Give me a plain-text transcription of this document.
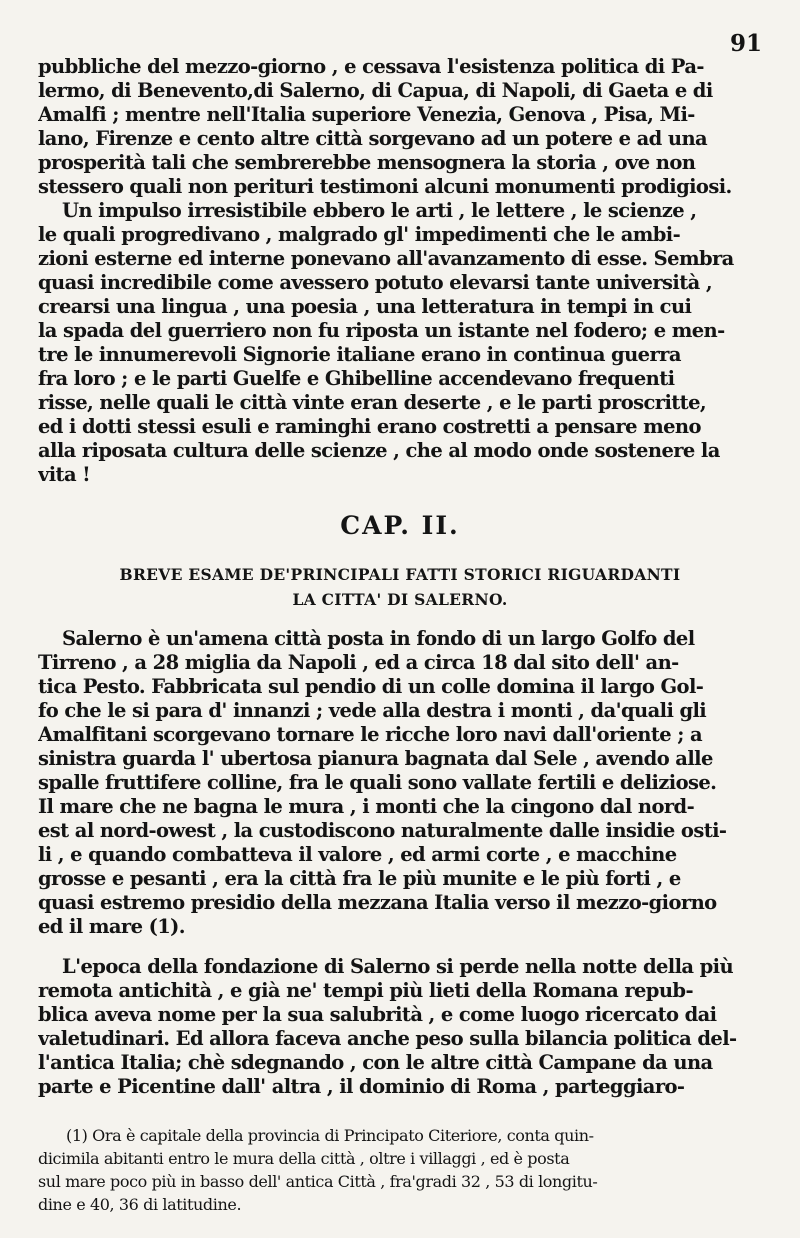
91
pubbliche del mezzo-giorno , e cessava l'esistenza politica di Pa-
lermo, di Benevento,di Salerno, di Capua, di Napoli, di Gaeta e di
Amalfi ; mentre nell'Italia superiore Venezia, Genova , Pisa, Mi-
lano, Firenze e cento altre città sorgevano ad un potere e ad una
prosperità tali che sembrerebbe mensognera la storia , ove non
stessero quali non perituri testimoni alcuni monumenti prodigiosi.
Un impulso irresistibile ebbero le arti , le lettere , le scienze ,
le quali progredivano , malgrado gl' impedimenti che le ambi-
zioni esterne ed interne ponevano all'avanzamento di esse. Sembra
quasi incredibile come avessero potuto elevarsi tante università ,
crearsi una lingua , una poesia , una letteratura in tempi in cui
la spada del guerriero non fu riposta un istante nel fodero; e men-
tre le innumerevoli Signorie italiane erano in continua guerra
fra loro ; e le parti Guelfe e Ghibelline accendevano frequenti
risse, nelle quali le città vinte eran deserte , e le parti proscritte,
ed i dotti stessi esuli e raminghi erano costretti a pensare meno
alla riposata cultura delle scienze , che al modo onde sostenere la
vita !
CAP. II.
BREVE ESAME DE'PRINCIPALI FATTI STORICI RIGUARDANTI
LA CITTA' DI SALERNO.
Salerno è un'amena città posta in fondo di un largo Golfo del
Tirreno , a 28 miglia da Napoli , ed a circa 18 dal sito dell' an-
tica Pesto. Fabbricata sul pendio di un colle domina il largo Gol-
fo che le si para d' innanzi ; vede alla destra i monti , da'quali gli
Amalfitani scorgevano tornare le ricche loro navi dall'oriente ; a
sinistra guarda l' ubertosa pianura bagnata dal Sele , avendo alle
spalle fruttifere colline, fra le quali sono vallate fertili e deliziose.
Il mare che ne bagna le mura , i monti che la cingono dal nord-
est al nord-owest , la custodiscono naturalmente dalle insidie osti-
li , e quando combatteva il valore , ed armi corte , e macchine
grosse e pesanti , era la città fra le più munite e le più forti , e
quasi estremo presidio della mezzana Italia verso il mezzo-giorno
ed il mare (1).
L'epoca della fondazione di Salerno si perde nella notte della più
remota antichità , e già ne' tempi più lieti della Romana repub-
blica aveva nome per la sua salubrità , e come luogo ricercato dai
valetudinari. Ed allora faceva anche peso sulla bilancia politica del-
l'antica Italia; chè sdegnando , con le altre città Campane da una
parte e Picentine dall' altra , il dominio di Roma , parteggiaro-
(1) Ora è capitale della provincia di Principato Citeriore, conta quin-
dicimila abitanti entro le mura della città , oltre i villaggi , ed è posta
sul mare poco più in basso dell' antica Città , fra'gradi 32 , 53 di longitu-
dine e 40, 36 di latitudine.
